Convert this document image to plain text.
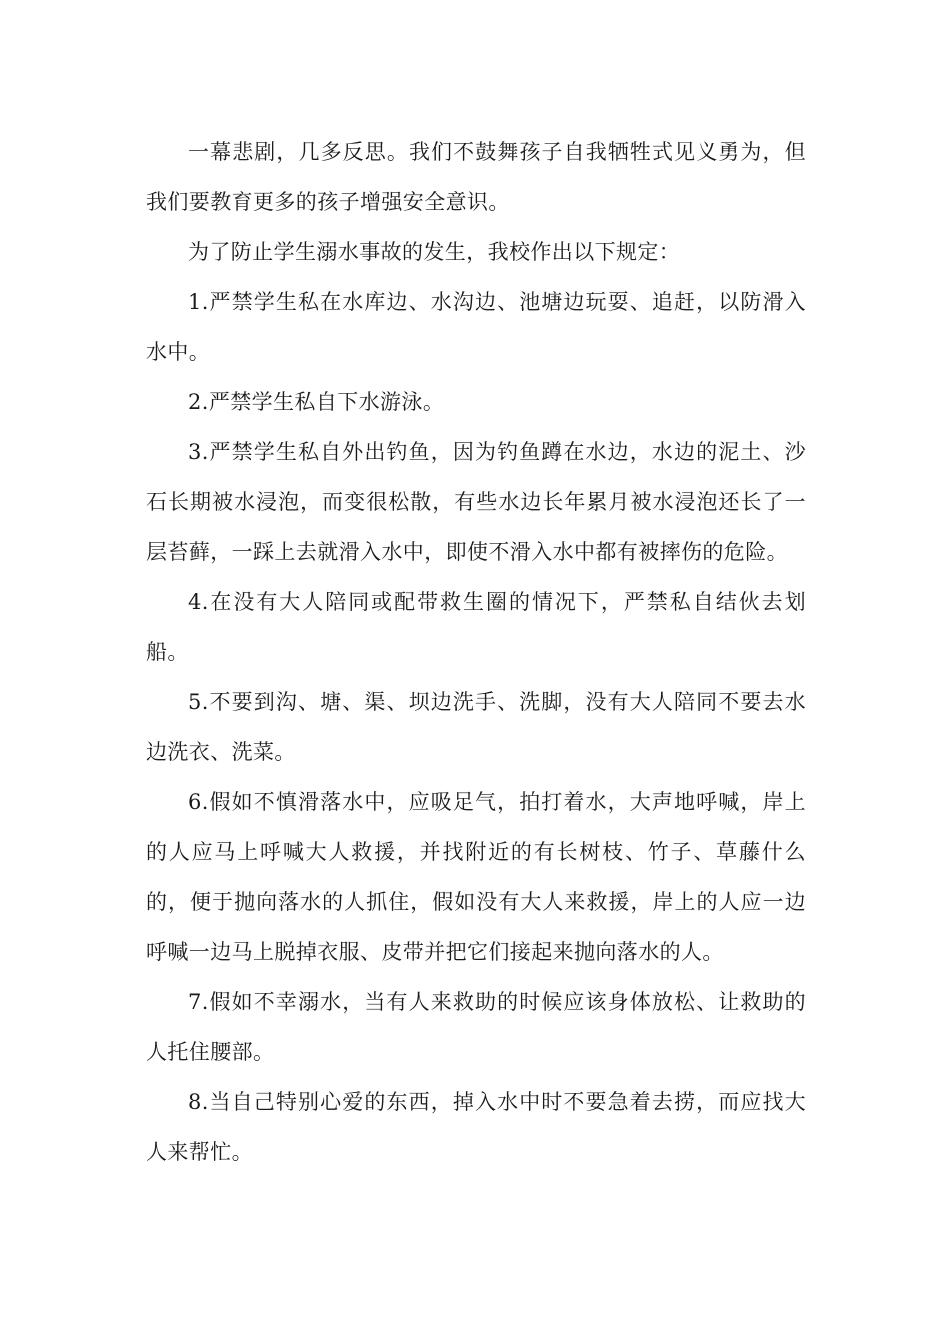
一幕悲剧，几多反思。我们不鼓舞孩子自我牺牲式见义勇为，但我们要教育更多的孩子增强安全意识。

为了防止学生溺水事故的发生，我校作出以下规定：

1.严禁学生私在水库边、水沟边、池塘边玩耍、追赶，以防滑入水中。

2.严禁学生私自下水游泳。

3.严禁学生私自外出钓鱼，因为钓鱼蹲在水边，水边的泥土、沙石长期被水浸泡，而变很松散，有些水边长年累月被水浸泡还长了一层苔藓，一踩上去就滑入水中，即使不滑入水中都有被摔伤的危险。

4.在没有大人陪同或配带救生圈的情况下，严禁私自结伙去划船。

5.不要到沟、塘、渠、坝边洗手、洗脚，没有大人陪同不要去水边洗衣、洗菜。

6.假如不慎滑落水中，应吸足气，拍打着水，大声地呼喊，岸上的人应马上呼喊大人救援，并找附近的有长树枝、竹子、草藤什么的，便于抛向落水的人抓住，假如没有大人来救援，岸上的人应一边呼喊一边马上脱掉衣服、皮带并把它们接起来抛向落水的人。

7.假如不幸溺水，当有人来救助的时候应该身体放松、让救助的人托住腰部。

8.当自己特别心爱的东西，掉入水中时不要急着去捞，而应找大人来帮忙。
